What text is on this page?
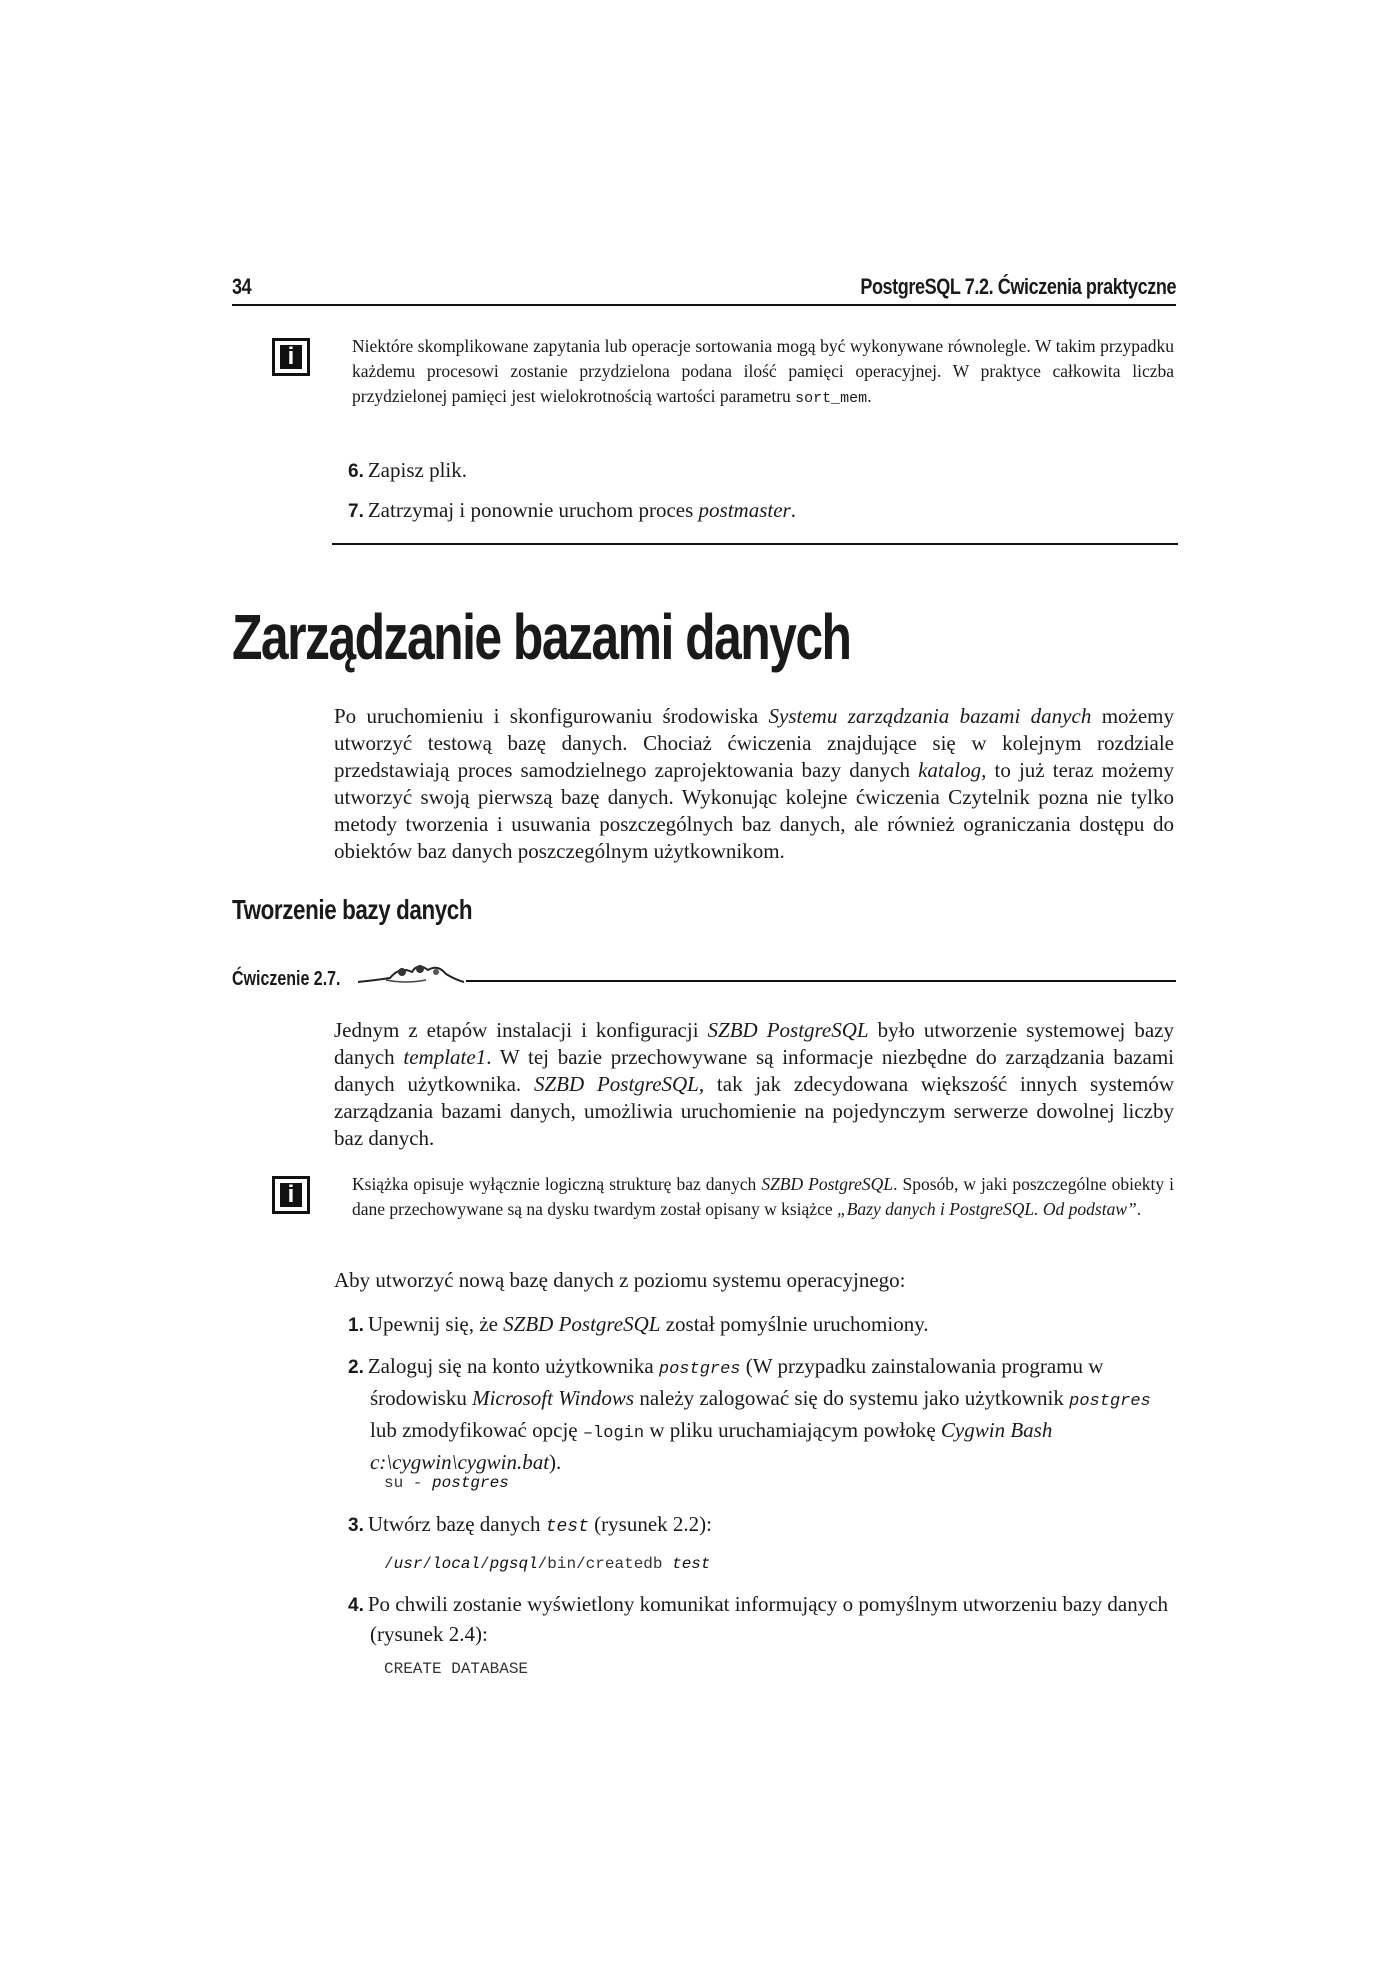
34	PostgreSQL 7.2. Ćwiczenia praktyczne
i	Niektóre skomplikowane zapytania lub operacje sortowania mogą być wykonywane równolegle. W takim przypadku każdemu procesowi zostanie przydzielona podana ilość pamięci operacyjnej. W praktyce całkowita liczba przydzielonej pamięci jest wielokrotnością wartości parametru sort_mem.
6. Zapisz plik.
7. Zatrzymaj i ponownie uruchom proces postmaster.
Zarządzanie bazami danych
Po uruchomieniu i skonfigurowaniu środowiska Systemu zarządzania bazami danych możemy utworzyć testową bazę danych. Chociaż ćwiczenia znajdujące się w kolejnym rozdziale przedstawiają proces samodzielnego zaprojektowania bazy danych katalog, to już teraz możemy utworzyć swoją pierwszą bazę danych. Wykonując kolejne ćwiczenia Czytelnik pozna nie tylko metody tworzenia i usuwania poszczególnych baz danych, ale również ograniczania dostępu do obiektów baz danych poszczególnym użytkownikom.
Tworzenie bazy danych
Ćwiczenie 2.7.
Jednym z etapów instalacji i konfiguracji SZBD PostgreSQL było utworzenie systemowej bazy danych template1. W tej bazie przechowywane są informacje niezbędne do zarządzania bazami danych użytkownika. SZBD PostgreSQL, tak jak zdecydowana większość innych systemów zarządzania bazami danych, umożliwia uruchomienie na pojedynczym serwerze dowolnej liczby baz danych.
i	Książka opisuje wyłącznie logiczną strukturę baz danych SZBD PostgreSQL. Sposób, w jaki poszczególne obiekty i dane przechowywane są na dysku twardym został opisany w książce „Bazy danych i PostgreSQL. Od podstaw”.
Aby utworzyć nową bazę danych z poziomu systemu operacyjnego:
1. Upewnij się, że SZBD PostgreSQL został pomyślnie uruchomiony.
2. Zaloguj się na konto użytkownika postgres (W przypadku zainstalowania programu w środowisku Microsoft Windows należy zalogować się do systemu jako użytkownik postgres lub zmodyfikować opcję –login w pliku uruchamiającym powłokę Cygwin Bash c:\cygwin\cygwin.bat).
su - postgres
3. Utwórz bazę danych test (rysunek 2.2):
/usr/local/pgsql/bin/createdb test
4. Po chwili zostanie wyświetlony komunikat informujący o pomyślnym utworzeniu bazy danych (rysunek 2.4):
CREATE DATABASE
